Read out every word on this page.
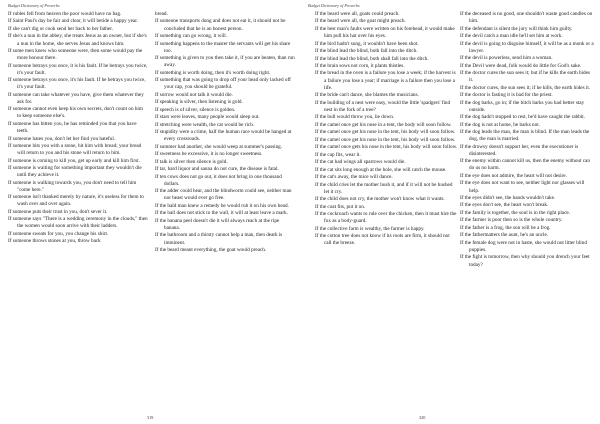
Budget Dictionary of Proverbs
If rubles fell from heaven the poor would have no bag.
If Saint Paul's day be fair and clear, it will betide a happy year.
If she can't dig or cook send her back to her father.
If she's a nun in the abbey, she treats Jesus as an owner, but if she's a nun in the home, she serves Jesus and knows him.
If some men knew who someone were, then some would pay the more honour there.
If someone betrays you once, it is his fault. If he betrays you twice, it's your fault.
If someone betrays you once, it's his fault. If he betrays you twice, it's your fault.
If someone can take whatever you have, give them whatever they ask for.
If someone cannot even keep his own secrets, don't count on him to keep someone else's.
If someone has bitten you, he has reminded you that you have teeth.
If someone hates you, don't let her find you hateful.
If someone hits you with a stone, hit him with bread; your bread will return to you and his stone will return to him.
If someone is coming to kill you, get up early and kill him first.
If someone is waiting for something important they wouldn't die until they achieve it.
If someone is walking towards you, you don't need to tell him "come here."
If someone isn't thanked merely by nature, it's useless for them to wash over and over again.
If someone puts their trust in you, don't sever it.
If someone says "There is a wedding ceremony in the clouds," then the women would soon arrive with their ladders.
If someone sweats for you, you change his shirt.
If someone throws stones at you, throw back
bread.
If someone transports dung and does not eat it, it should not be concluded that he is an honest person.
If something can go wrong, it will.
If something happens to the master the servants will get his share too.
If something is given to you then take it, if you are beaten, than run away.
If something is worth doing, then it's worth doing right.
If something that was going to drop off your head only lacked off your cap, you should be grateful.
If sorrow would not talk it would die.
If speaking is silver, then listening is gold.
If speech is of silver, silence is golden.
If stars were leaves, many people would sleep out.
If stretching were wealth, the cat would be rich.
If stupidity were a crime, half the human race would be hanged at every crossroads.
If summer had another, she would weep at summer's passing.
If sweetness be excessive, it is no longer sweetness.
If talk is silver then silence is gold.
If tar, hard liquor and sauna do not cure, the disease is fatal.
If ten cows does not go out, it does not bring in one thousand dollars.
If the adder could hear, and the blindworm could see, neither man nor beast would ever go free.
If the bald man knew a remedy he would rub it on his own head.
If the ball does not stick to the wall, it will at least leave a mark.
If the banana peel doesn't die it will always reach at the ripe banana.
If the bathroom and a thirsty cannot help a man, then death is imminent.
If the beard meant everything, the goat would preach.
319
Budget Dictionary of Proverbs
If the beard were all, goats could preach.
If the beard were all, the goat might preach.
If the best man's faults were written on his forehead, it would make him pull his hat over his eyes.
If the bird hadn't sung, it wouldn't have been shot.
If the blind lead the blind, both fall into the ditch.
If the blind lead the blind, both shall fall into the ditch.
If the brain sows not corn, it plants thistles.
If the bread in the oven is a failure you lose a week; if the harvest is a failure you lose a year; if marriage is a failure then you lose a life.
If the bride can't dance, she blames the musicians.
If the building of a nest were easy, would the little 'spadgers' find nest in the fork of a tree?
If the bull would throw you, lie down.
If the camel once get his nose in a tent, the body will soon follow.
If the camel once get his nose in the tent, his body will soon follow.
If the camel once get his nose in the tent, his body will soon follow.
If the camel once gets his nose in the tent, his body will soon follow.
If the cap fits, wear it.
If the cat had wings all sparrows would die.
If the cat sits long enough at the hole, she will catch the mouse.
If the cat's away, the mice will dance.
If the child cries let the mother hush it, and if it will not be hushed let it cry.
If the child does not cry, the mother won't know what it wants.
If the coat fits, put it on.
If the cockroach wants to rule over the chicken, then it must hire the fox as a body-guard.
If the collective farm is wealthy, the farmer is happy.
If the cotton tree does not know if its roots are firm, it should not call the breeze.
If the deceased is no good, one shouldn't waste good candles on him.
If the defendant is silent the jury will think him guilty.
If the devil catch a man idle he'll set him at work.
If the devil is going to disguise himself, it will be as a monk or a lawyer.
If the devil is powerless, send him a woman.
If the Devil were dead, folk would do little for God's sake.
If the doctor cures the sun sees it; but if he kills the earth hides it.
If the doctor cures, the sun sees it; if he kills, the earth hides it.
If the doctor is fasting it is bad for the priest.
If the dog barks, go in; if the bitch barks you had better stay outside.
If the dog hadn't stopped to rest, he'd have caught the rabbit.
If the dog is not at home, he barks not.
If the dog leads the man, the man is blind. If the man leads the dog, the man is married.
If the drowsy doesn't support her, even the executioner is disinterested.
If the enemy within cannot kill us, then the enemy without can do us no harm.
If the eye does not admire, the heart will not desire.
If the eye does not want to see, neither light nor glasses will help.
If the eyes didn't see, the hands wouldn't take.
If the eyes don't see, the heart won't break.
If the family is together, the soul is in the right place.
If the farmer is poor then so is the whole country.
If the father is a frog, the son will be a frog.
If the fathermatters the aunt, he's an uncle.
If the female dog were not in haste, she would not litter blind puppies.
If the fight is tomorrow, then why should you drench your feet today?
320
